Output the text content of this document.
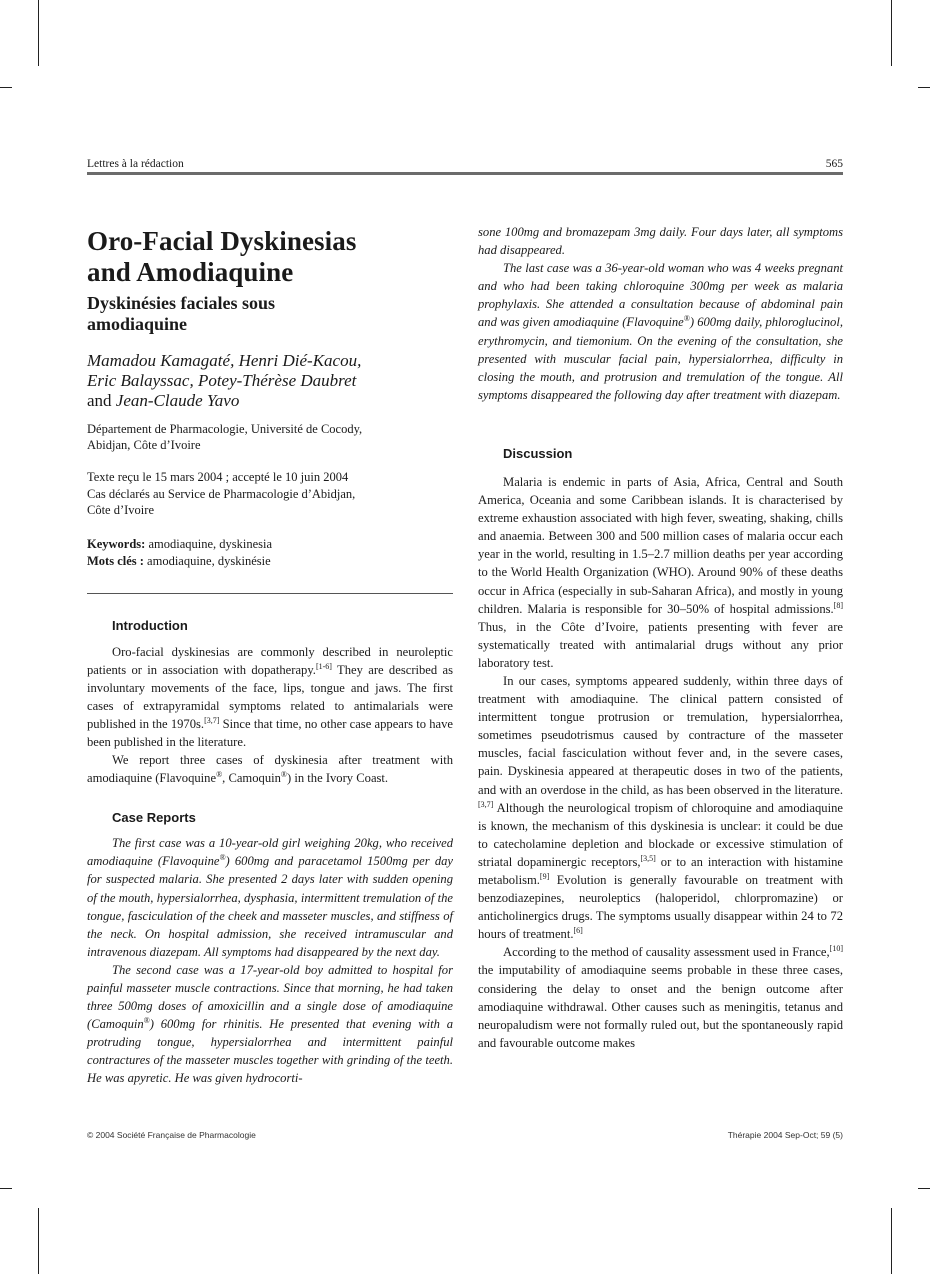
Lettres à la rédaction	565
Oro-Facial Dyskinesias
and Amodiaquine
Dyskinésies faciales sous
amodiaquine
Mamadou Kamagaté, Henri Dié-Kacou,
Eric Balayssac, Potey-Thérèse Daubret
and Jean-Claude Yavo
Département de Pharmacologie, Université de Cocody,
Abidjan, Côte d’Ivoire
Texte reçu le 15 mars 2004 ; accepté le 10 juin 2004
Cas déclarés au Service de Pharmacologie d’Abidjan,
Côte d’Ivoire
Keywords: amodiaquine, dyskinesia
Mots clés : amodiaquine, dyskinésie
Introduction

Oro-facial dyskinesias are commonly described in neuroleptic patients or in association with dopatherapy.[1-6] They are described as involuntary movements of the face, lips, tongue and jaws. The first cases of extrapyramidal symptoms related to antimalarials were published in the 1970s.[3,7] Since that time, no other case appears to have been published in the literature.

We report three cases of dyskinesia after treatment with amodiaquine (Flavoquine®, Camoquin®) in the Ivory Coast.

Case Reports

The first case was a 10-year-old girl weighing 20kg, who received amodiaquine (Flavoquine®) 600mg and paracetamol 1500mg per day for suspected malaria. She presented 2 days later with sudden opening of the mouth, hypersialorrhea, dysphasia, intermittent tremulation of the tongue, fasciculation of the cheek and masseter muscles, and stiffness of the neck. On hospital admission, she received intramuscular and intravenous diazepam. All symptoms had disappeared by the next day.

The second case was a 17-year-old boy admitted to hospital for painful masseter muscle contractions. Since that morning, he had taken three 500mg doses of amoxicillin and a single dose of amodiaquine (Camoquin®) 600mg for rhinitis. He presented that evening with a protruding tongue, hypersialorrhea and intermittent painful contractures of the masseter muscles together with grinding of the teeth. He was apyretic. He was given hydrocorti-

sone 100mg and bromazepam 3mg daily. Four days later, all symptoms had disappeared.

The last case was a 36-year-old woman who was 4 weeks pregnant and who had been taking chloroquine 300mg per week as malaria prophylaxis. She attended a consultation because of abdominal pain and was given amodiaquine (Flavoquine®) 600mg daily, phloroglucinol, erythromycin, and tiemonium. On the evening of the consultation, she presented with muscular facial pain, hypersialorrhea, difficulty in closing the mouth, and protrusion and tremulation of the tongue. All symptoms disappeared the following day after treatment with diazepam.

Discussion

Malaria is endemic in parts of Asia, Africa, Central and South America, Oceania and some Caribbean islands. It is characterised by extreme exhaustion associated with high fever, sweating, shaking, chills and anaemia. Between 300 and 500 million cases of malaria occur each year in the world, resulting in 1.5–2.7 million deaths per year according to the World Health Organization (WHO). Around 90% of these deaths occur in Africa (especially in sub-Saharan Africa), and mostly in young children. Malaria is responsible for 30–50% of hospital admissions.[8] Thus, in the Côte d’Ivoire, patients presenting with fever are systematically treated with antimalarial drugs without any prior laboratory test.

In our cases, symptoms appeared suddenly, within three days of treatment with amodiaquine. The clinical pattern consisted of intermittent tongue protrusion or tremulation, hypersialorrhea, sometimes pseudotrismus caused by contracture of the masseter muscles, facial fasciculation without fever and, in the severe cases, pain. Dyskinesia appeared at therapeutic doses in two of the patients, and with an overdose in the child, as has been observed in the literature.[3,7] Although the neurological tropism of chloroquine and amodiaquine is known, the mechanism of this dyskinesia is unclear: it could be due to catecholamine depletion and blockade or excessive stimulation of striatal dopaminergic receptors,[3,5] or to an interaction with histamine metabolism.[9] Evolution is generally favourable on treatment with benzodiazepines, neuroleptics (haloperidol, chlorpromazine) or anticholinergics drugs. The symptoms usually disappear within 24 to 72 hours of treatment.[6]

According to the method of causality assessment used in France,[10] the imputability of amodiaquine seems probable in these three cases, considering the delay to onset and the benign outcome after amodiaquine withdrawal. Other causes such as meningitis, tetanus and neuropaludism were not formally ruled out, but the spontaneously rapid and favourable outcome makes

© 2004 Société Française de Pharmacologie	Thérapie 2004 Sep-Oct; 59 (5)
